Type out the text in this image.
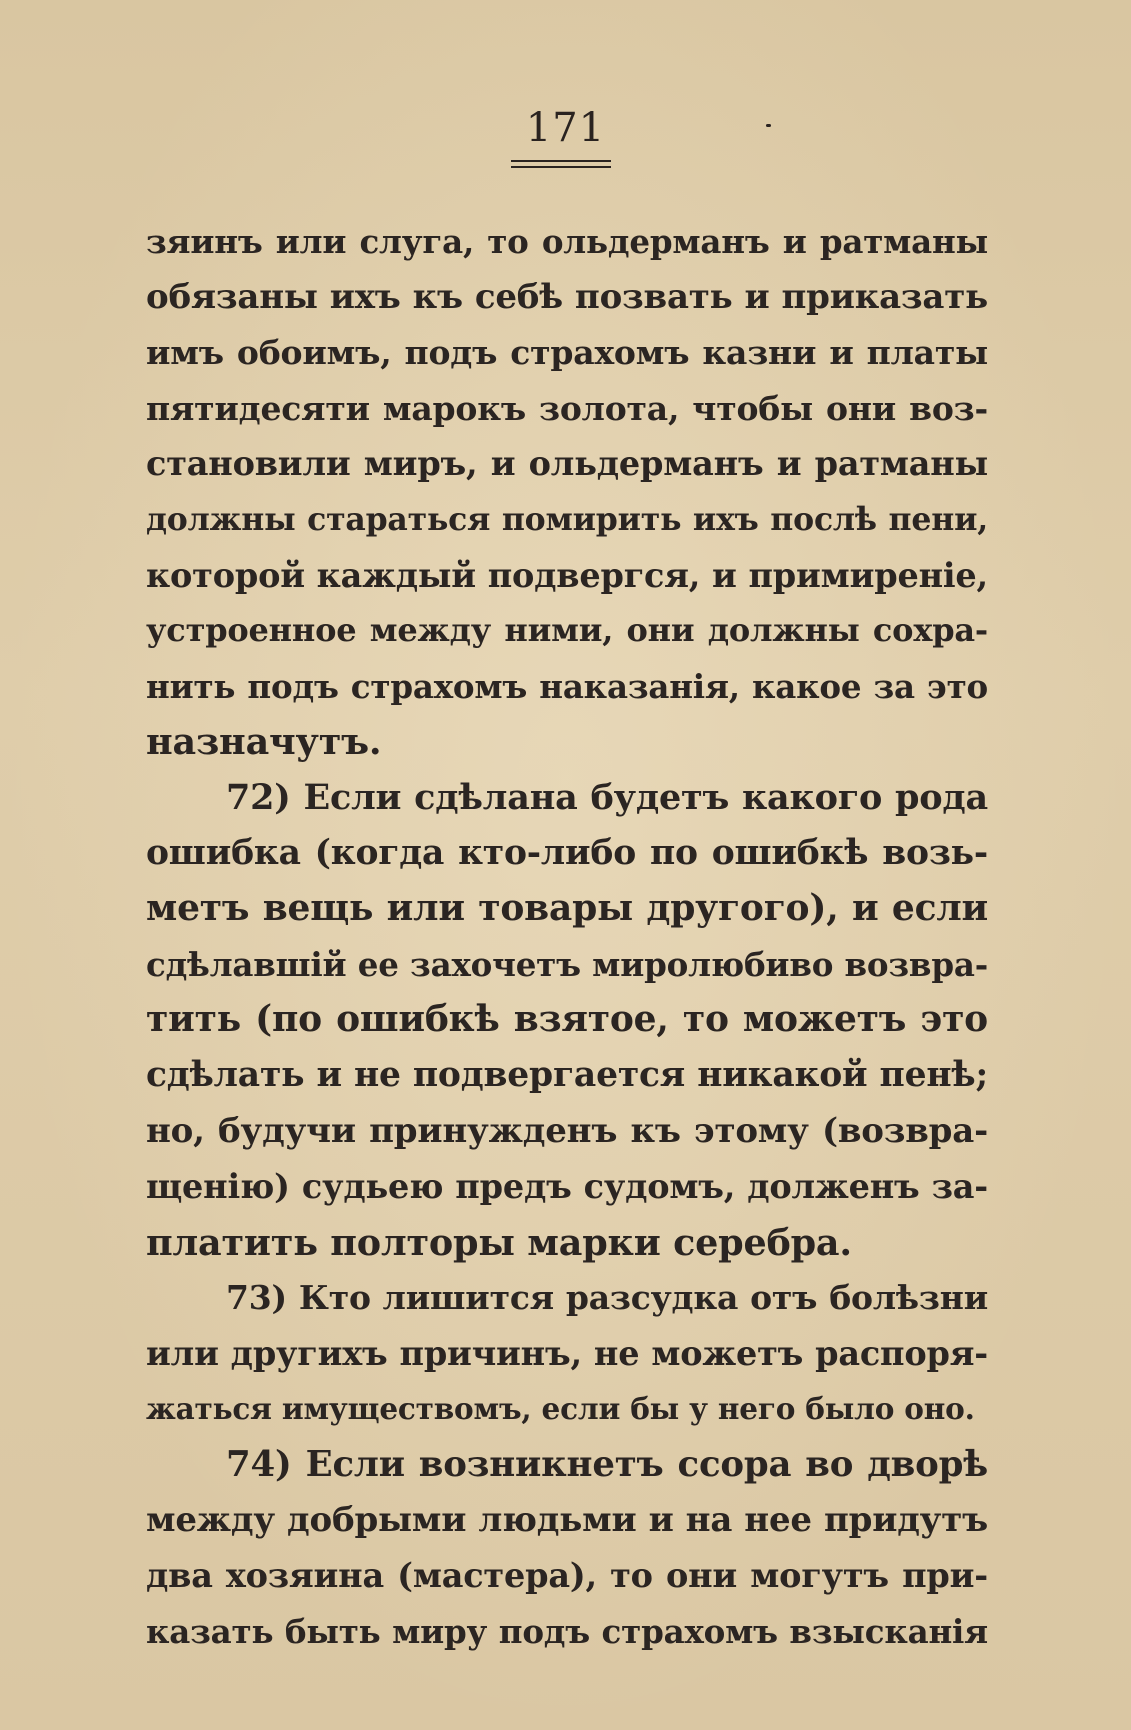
171
зяинъ или слуга, то ольдерманъ и ратманы
обязаны ихъ къ себѣ позвать и приказать
имъ обоимъ, подъ страхомъ казни и платы
пятидесяти марокъ золота, чтобы они воз-
становили миръ, и ольдерманъ и ратманы
должны стараться помирить ихъ послѣ пени,
которой каждый подвергся, и примиреніе,
устроенное между ними, они должны сохра-
нить подъ страхомъ наказанія, какое за это
назначутъ.
72) Если сдѣлана будетъ какого рода
ошибка (когда кто-либо по ошибкѣ возь-
метъ вещь или товары другого), и если
сдѣлавшій ее захочетъ миролюбиво возвра-
тить (по ошибкѣ взятое, то можетъ это
сдѣлать и не подвергается никакой пенѣ;
но, будучи принужденъ къ этому (возвра-
щенію) судьею предъ судомъ, долженъ за-
платить полторы марки серебра.
73) Кто лишится разсудка отъ болѣзни
или другихъ причинъ, не можетъ распоря-
жаться имуществомъ, если бы у него было оно.
74) Если возникнетъ ссора во дворѣ
между добрыми людьми и на нее придутъ
два хозяина (мастера), то они могутъ при-
казать быть миру подъ страхомъ взысканія
